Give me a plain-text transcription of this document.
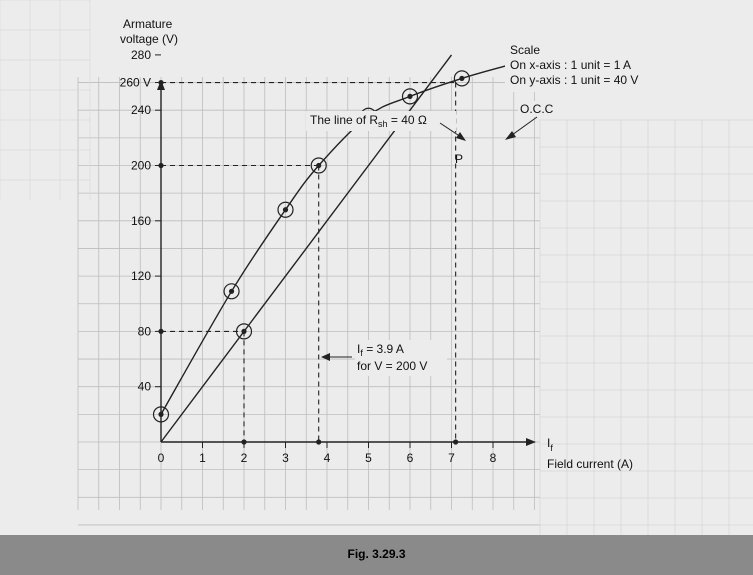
1	2	3	4	5	6	7	8
40
80
120
160
200
240
260 V
280
Armature
voltage (V)
0
$I_f$
Field current (A)
Scale
On x-axis : 1 unit = 1 A
On y-axis : 1 unit = 40 V
O.C.C
The line of $R_{sh} = 40$ Ω
P
$I_f = 3.9$ A
for V = 200 V
Fig. 3.29.3
